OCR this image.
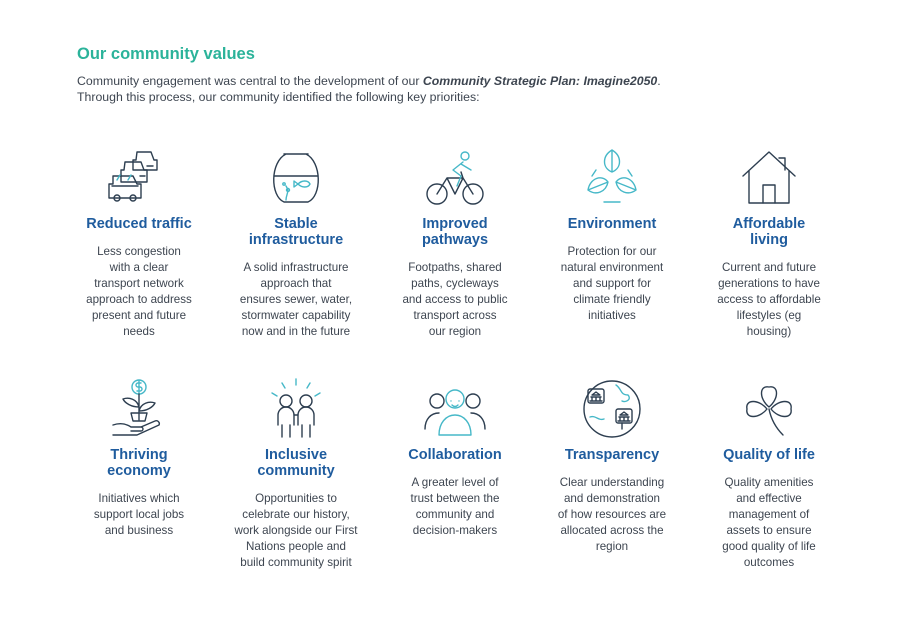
Our community values

Community engagement was central to the development of our Community Strategic Plan: Imagine2050.
Through this process, our community identified the following key priorities:

Reduced traffic

Less congestion
with a clear
transport network
approach to address
present and future
needs

Stable
infrastructure

A solid infrastructure
approach that
ensures sewer, water,
stormwater capability
now and in the future

Improved
pathways

Footpaths, shared
paths, cycleways
and access to public
transport across
our region

Environment

Protection for our
natural environment
and support for
climate friendly
initiatives

Affordable
living

Current and future
generations to have
access to affordable
lifestyles (eg
housing)

Thriving
economy

Initiatives which
support local jobs
and business

Inclusive
community

Opportunities to
celebrate our history,
work alongside our First
Nations people and
build community spirit

Collaboration

A greater level of
trust between the
community and
decision-makers

Transparency

Clear understanding
and demonstration
of how resources are
allocated across the
region

Quality of life

Quality amenities
and effective
management of
assets to ensure
good quality of life
outcomes
